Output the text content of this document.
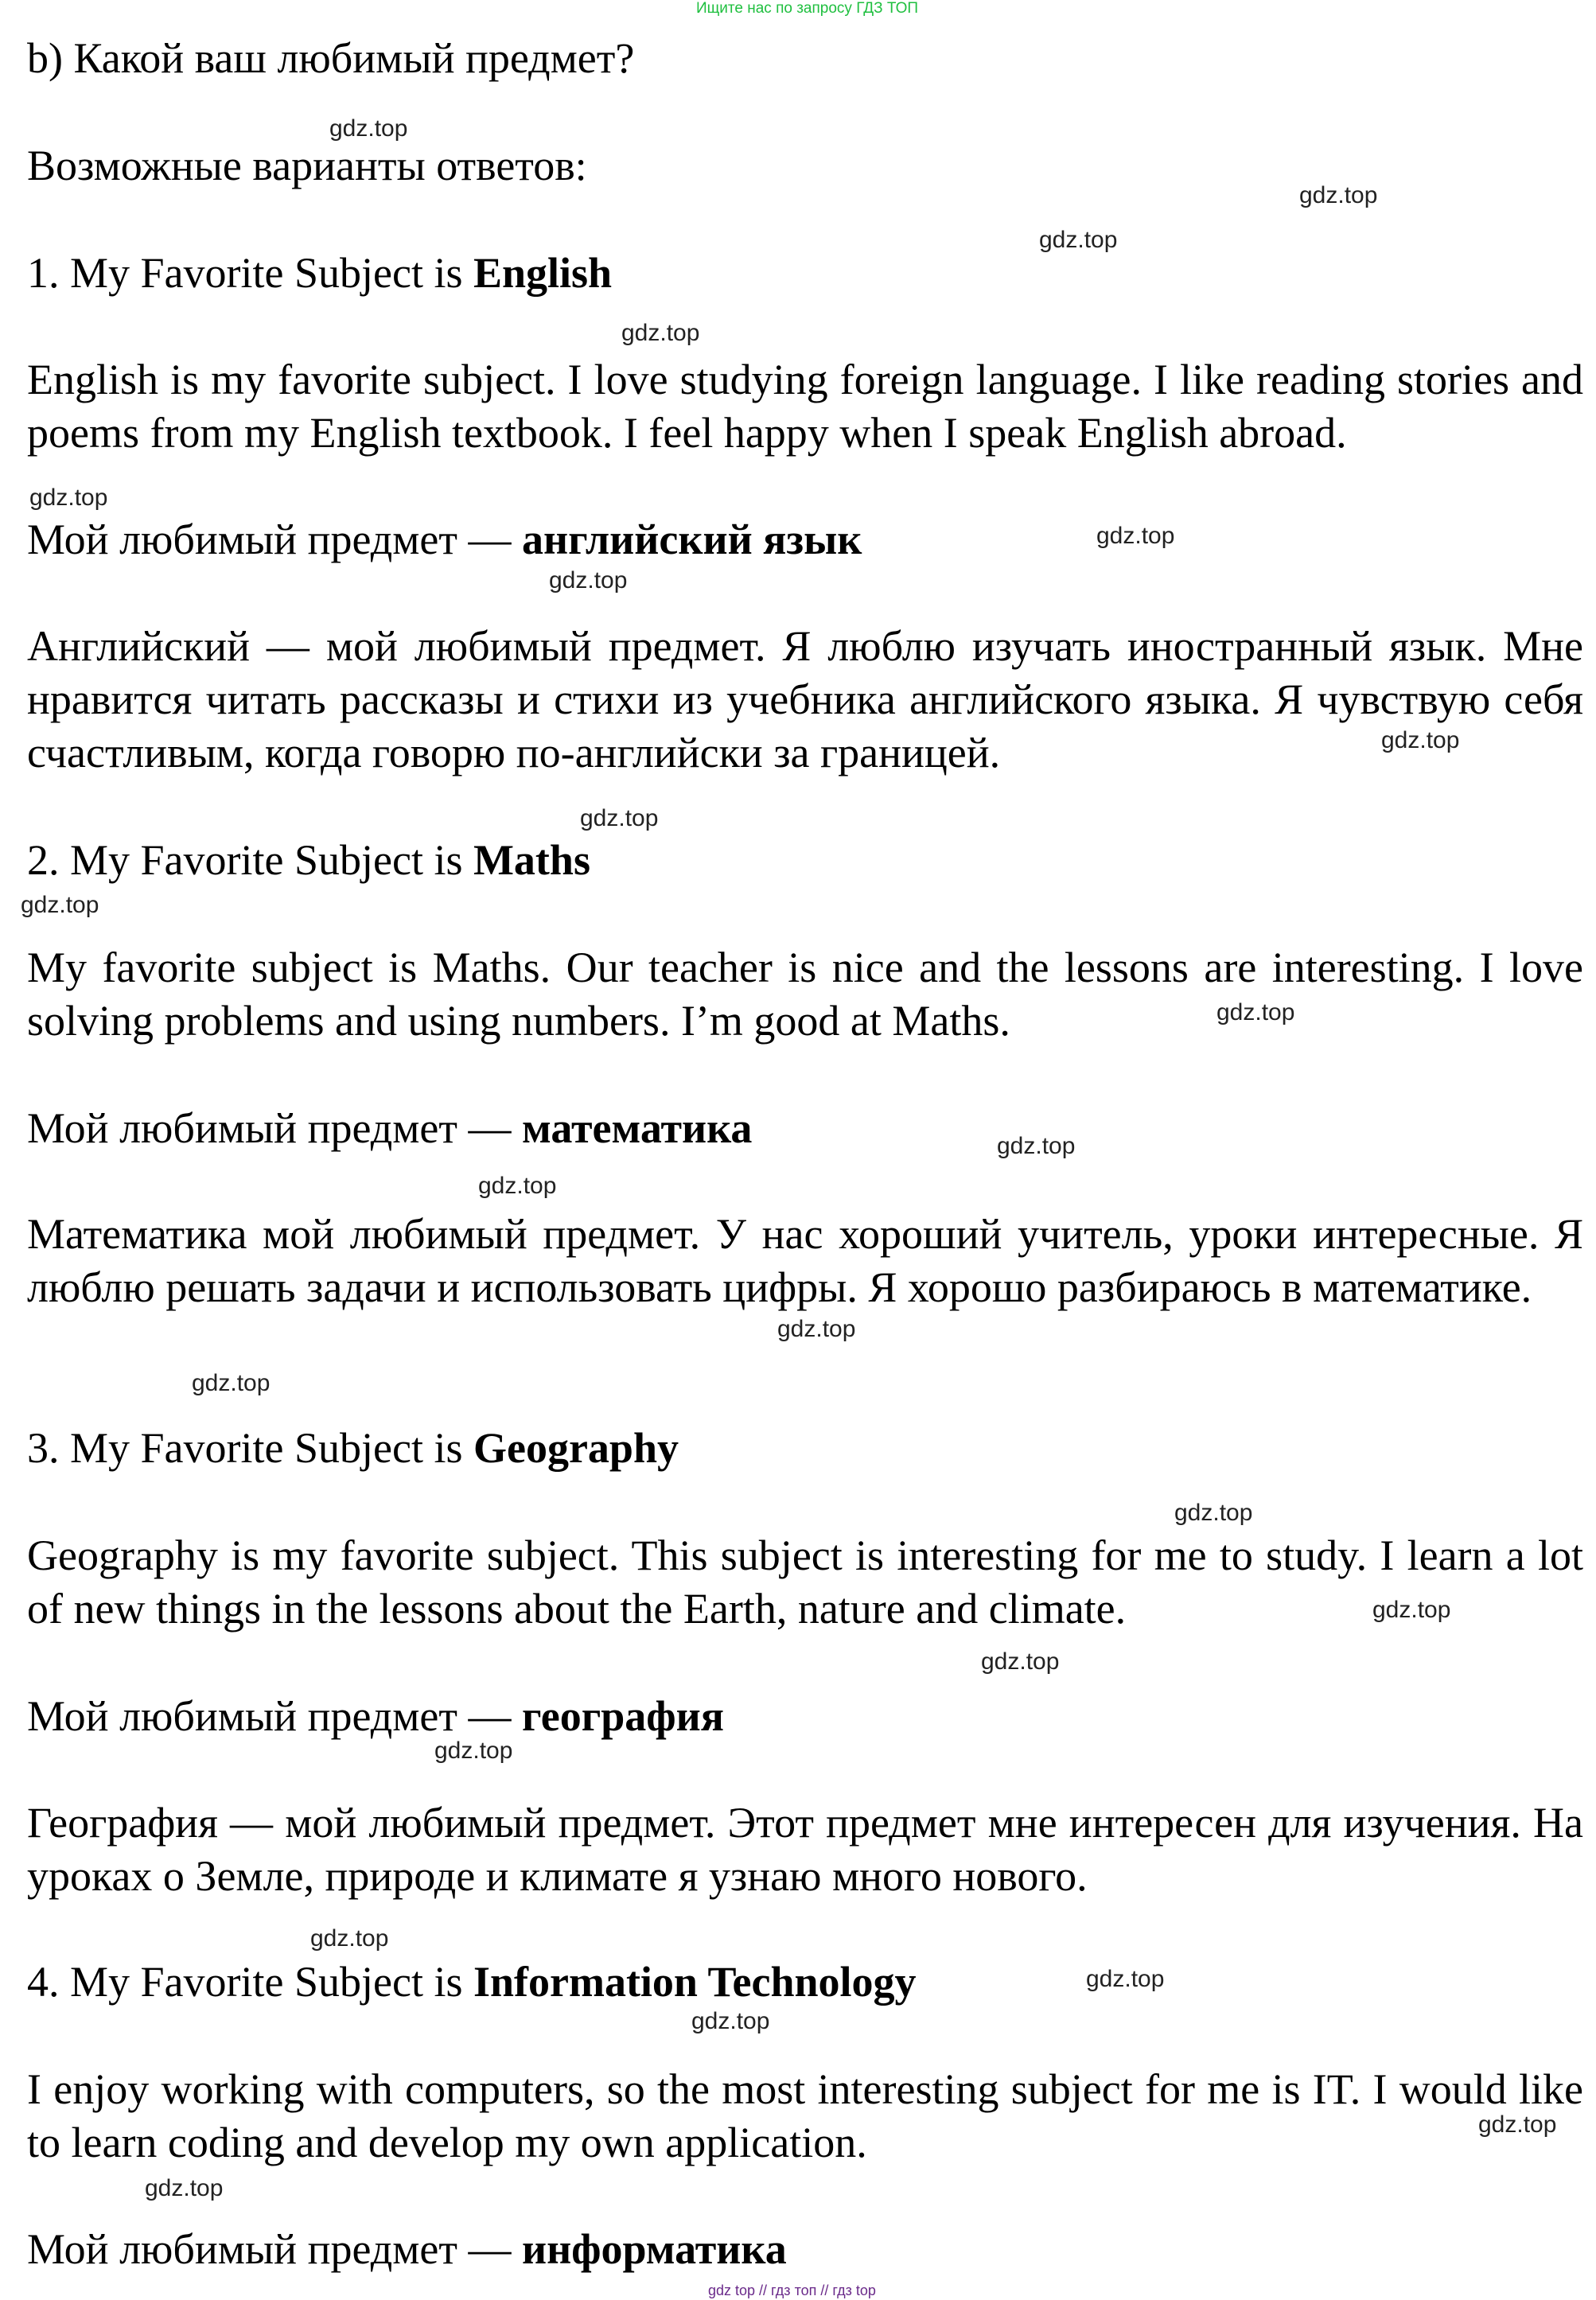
Ищите нас по запросу ГДЗ ТОП
b) Какой ваш любимый предмет?
Возможные варианты ответов:
1. My Favorite Subject is English
English is my favorite subject. I love studying foreign language. I like reading stories and poems from my English textbook. I feel happy when I speak English abroad.
Мой любимый предмет — английский язык
Английский — мой любимый предмет. Я люблю изучать иностранный язык. Мне нравится читать рассказы и стихи из учебника английского языка. Я чувствую себя счастливым, когда говорю по-английски за границей.
2. My Favorite Subject is Maths
My favorite subject is Maths. Our teacher is nice and the lessons are interesting. I love solving problems and using numbers. I’m good at Maths.
Мой любимый предмет — математика
Математика мой любимый предмет. У нас хороший учитель, уроки интересные. Я люблю решать задачи и использовать цифры. Я хорошо разбираюсь в математике.
3. My Favorite Subject is Geography
Geography is my favorite subject. This subject is interesting for me to study. I learn a lot of new things in the lessons about the Earth, nature and climate.
Мой любимый предмет — география
География — мой любимый предмет. Этот предмет мне интересен для изучения. На уроках о Земле, природе и климате я узнаю много нового.
4. My Favorite Subject is Information Technology
I enjoy working with computers, so the most interesting subject for me is IT. I would like to learn coding and develop my own application.
Мой любимый предмет — информатика
gdz.top
gdz.top
gdz.top
gdz.top
gdz.top
gdz.top
gdz.top
gdz.top
gdz.top
gdz.top
gdz.top
gdz.top
gdz.top
gdz.top
gdz.top
gdz.top
gdz.top
gdz.top
gdz.top
gdz.top
gdz.top
gdz.top
gdz.top
gdz.top
gdz top // гдз топ // гдз top
